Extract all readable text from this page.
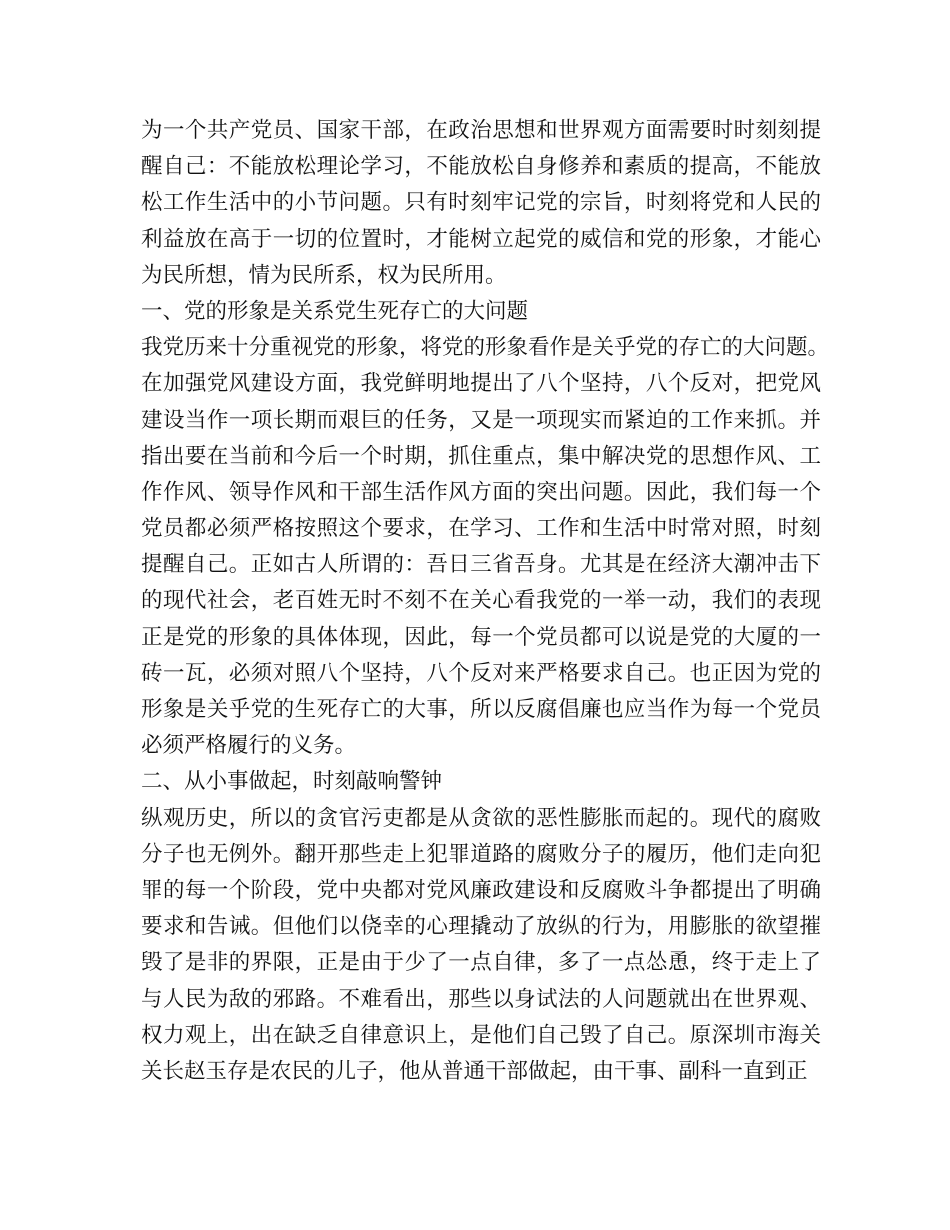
为一个共产党员、国家干部，在政治思想和世界观方面需要时时刻刻提
醒自己：不能放松理论学习，不能放松自身修养和素质的提高，不能放
松工作生活中的小节问题。只有时刻牢记党的宗旨，时刻将党和人民的
利益放在高于一切的位置时，才能树立起党的威信和党的形象，才能心
为民所想，情为民所系，权为民所用。
一、党的形象是关系党生死存亡的大问题
我党历来十分重视党的形象，将党的形象看作是关乎党的存亡的大问题。
在加强党风建设方面，我党鲜明地提出了八个坚持，八个反对，把党风
建设当作一项长期而艰巨的任务，又是一项现实而紧迫的工作来抓。并
指出要在当前和今后一个时期，抓住重点，集中解决党的思想作风、工
作作风、领导作风和干部生活作风方面的突出问题。因此，我们每一个
党员都必须严格按照这个要求，在学习、工作和生活中时常对照，时刻
提醒自己。正如古人所谓的：吾日三省吾身。尤其是在经济大潮冲击下
的现代社会，老百姓无时不刻不在关心看我党的一举一动，我们的表现
正是党的形象的具体体现，因此，每一个党员都可以说是党的大厦的一
砖一瓦，必须对照八个坚持，八个反对来严格要求自己。也正因为党的
形象是关乎党的生死存亡的大事，所以反腐倡廉也应当作为每一个党员
必须严格履行的义务。
二、从小事做起，时刻敲响警钟
纵观历史，所以的贪官污吏都是从贪欲的恶性膨胀而起的。现代的腐败
分子也无例外。翻开那些走上犯罪道路的腐败分子的履历，他们走向犯
罪的每一个阶段，党中央都对党风廉政建设和反腐败斗争都提出了明确
要求和告诫。但他们以侥幸的心理撬动了放纵的行为，用膨胀的欲望摧
毁了是非的界限，正是由于少了一点自律，多了一点怂恿，终于走上了
与人民为敌的邪路。不难看出，那些以身试法的人问题就出在世界观、
权力观上，出在缺乏自律意识上，是他们自己毁了自己。原深圳市海关
关长赵玉存是农民的儿子，他从普通干部做起，由干事、副科一直到正
